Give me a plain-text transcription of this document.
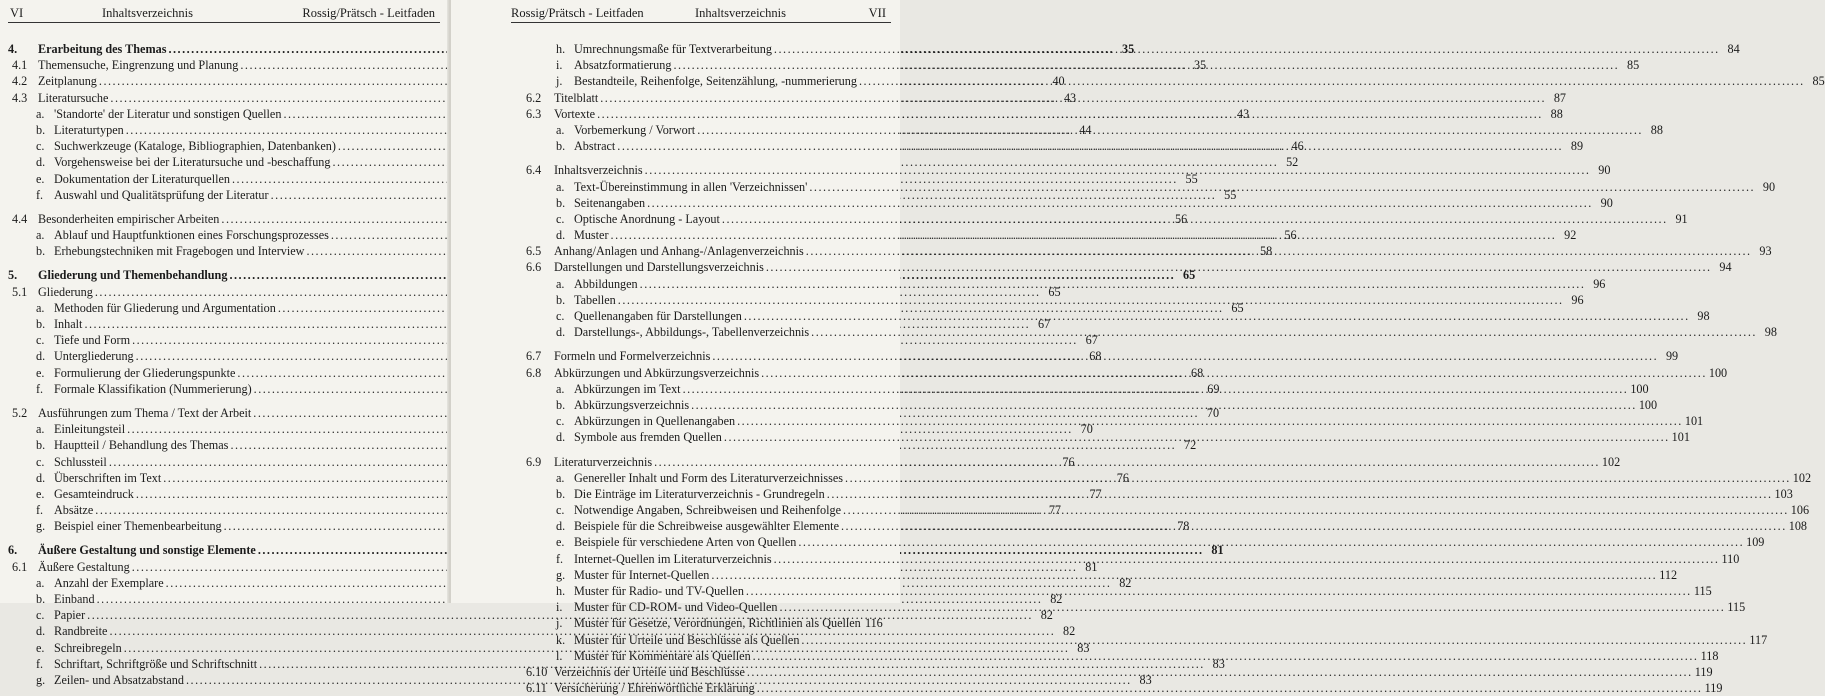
VI	Inhaltsverzeichnis	Rossig/Prätsch - Leitfaden
4.	Erarbeitung des Themas .....	35
4.1 Themensuche, Eingrenzung und Planung .....	35
4.2 Zeitplanung .....	40
4.3 Literatursuche .....	43
a. 'Standorte' der Literatur und sonstigen Quellen .....	43
b. Literaturtypen .....	44
c. Suchwerkzeuge (Kataloge, Bibliographien, Datenbanken) .....	46
d. Vorgehensweise bei der Literatursuche und -beschaffung .....	52
e. Dokumentation der Literaturquellen .....	55
f. Auswahl und Qualitätsprüfung der Literatur .....	55
4.4 Besonderheiten empirischer Arbeiten .....	56
a. Ablauf und Hauptfunktionen eines Forschungsprozesses .....	56
b. Erhebungstechniken mit Fragebogen und Interview .....	58
5.	Gliederung und Themenbehandlung .....	65
5.1 Gliederung .....	65
a. Methoden für Gliederung und Argumentation .....	65
b. Inhalt .....	67
c. Tiefe und Form .....	67
d. Untergliederung .....	68
e. Formulierung der Gliederungspunkte .....	68
f. Formale Klassifikation (Nummerierung) .....	69
5.2 Ausführungen zum Thema / Text der Arbeit .....	70
a. Einleitungsteil .....	70
b. Hauptteil / Behandlung des Themas .....	72
c. Schlussteil .....	76
d. Überschriften im Text .....	76
e. Gesamteindruck .....	77
f. Absätze .....	77
g. Beispiel einer Themenbearbeitung .....	78
6.	Äußere Gestaltung und sonstige Elemente .....	81
6.1 Äußere Gestaltung .....	81
a. Anzahl der Exemplare .....	82
b. Einband .....	82
c. Papier .....	82
d. Randbreite .....	82
e. Schreibregeln .....	83
f. Schriftart, Schriftgröße und Schriftschnitt .....	83
g. Zeilen- und Absatzabstand .....	83
Rossig/Prätsch - Leitfaden	Inhaltsverzeichnis	VII
h. Umrechnungsmaße für Textverarbeitung .....	84
i. Absatzformatierung .....	85
j. Bestandteile, Reihenfolge, Seitenzählung, -nummerierung .....	85
6.2	Titelblatt .....	87
6.3	Vortexte .....	88
a. Vorbemerkung / Vorwort .....	88
b. Abstract .....	89
6.4	Inhaltsverzeichnis .....	90
a. Text-Übereinstimmung in allen 'Verzeichnissen' .....	90
b. Seitenangaben .....	90
c. Optische Anordnung - Layout .....	91
d. Muster .....	92
6.5	Anhang/Anlagen und Anhang-/Anlagenverzeichnis .....	93
6.6	Darstellungen und Darstellungsverzeichnis .....	94
a. Abbildungen .....	96
b. Tabellen .....	96
c. Quellenangaben für Darstellungen .....	98
d. Darstellungs-, Abbildungs-, Tabellenverzeichnis .....	98
6.7	Formeln und Formelverzeichnis .....	99
6.8	Abkürzungen und Abkürzungsverzeichnis .....	100
a. Abkürzungen im Text .....	100
b. Abkürzungsverzeichnis .....	100
c. Abkürzungen in Quellenangaben .....	101
d. Symbole aus fremden Quellen .....	101
6.9	Literaturverzeichnis .....	102
a. Genereller Inhalt und Form des Literaturverzeichnisses .....	102
b. Die Einträge im Literaturverzeichnis - Grundregeln .....	103
c. Notwendige Angaben, Schreibweisen und Reihenfolge .....	106
d. Beispiele für die Schreibweise ausgewählter Elemente .....	108
e. Beispiele für verschiedene Arten von Quellen .....	109
f. Internet-Quellen im Literaturverzeichnis .....	110
g. Muster für Internet-Quellen .....	112
h. Muster für Radio- und TV-Quellen .....	115
i. Muster für CD-ROM- und Video-Quellen .....	115
j. Muster für Gesetze, Verordnungen, Richtlinien als Quellen 116
k. Muster für Urteile und Beschlüsse als Quellen .....	117
l. Muster für Kommentare als Quellen .....	118
6.10 Verzeichnis der Urteile und Beschlüsse .....	119
6.11 Versicherung / Ehrenwörtliche Erklärung .....	119
